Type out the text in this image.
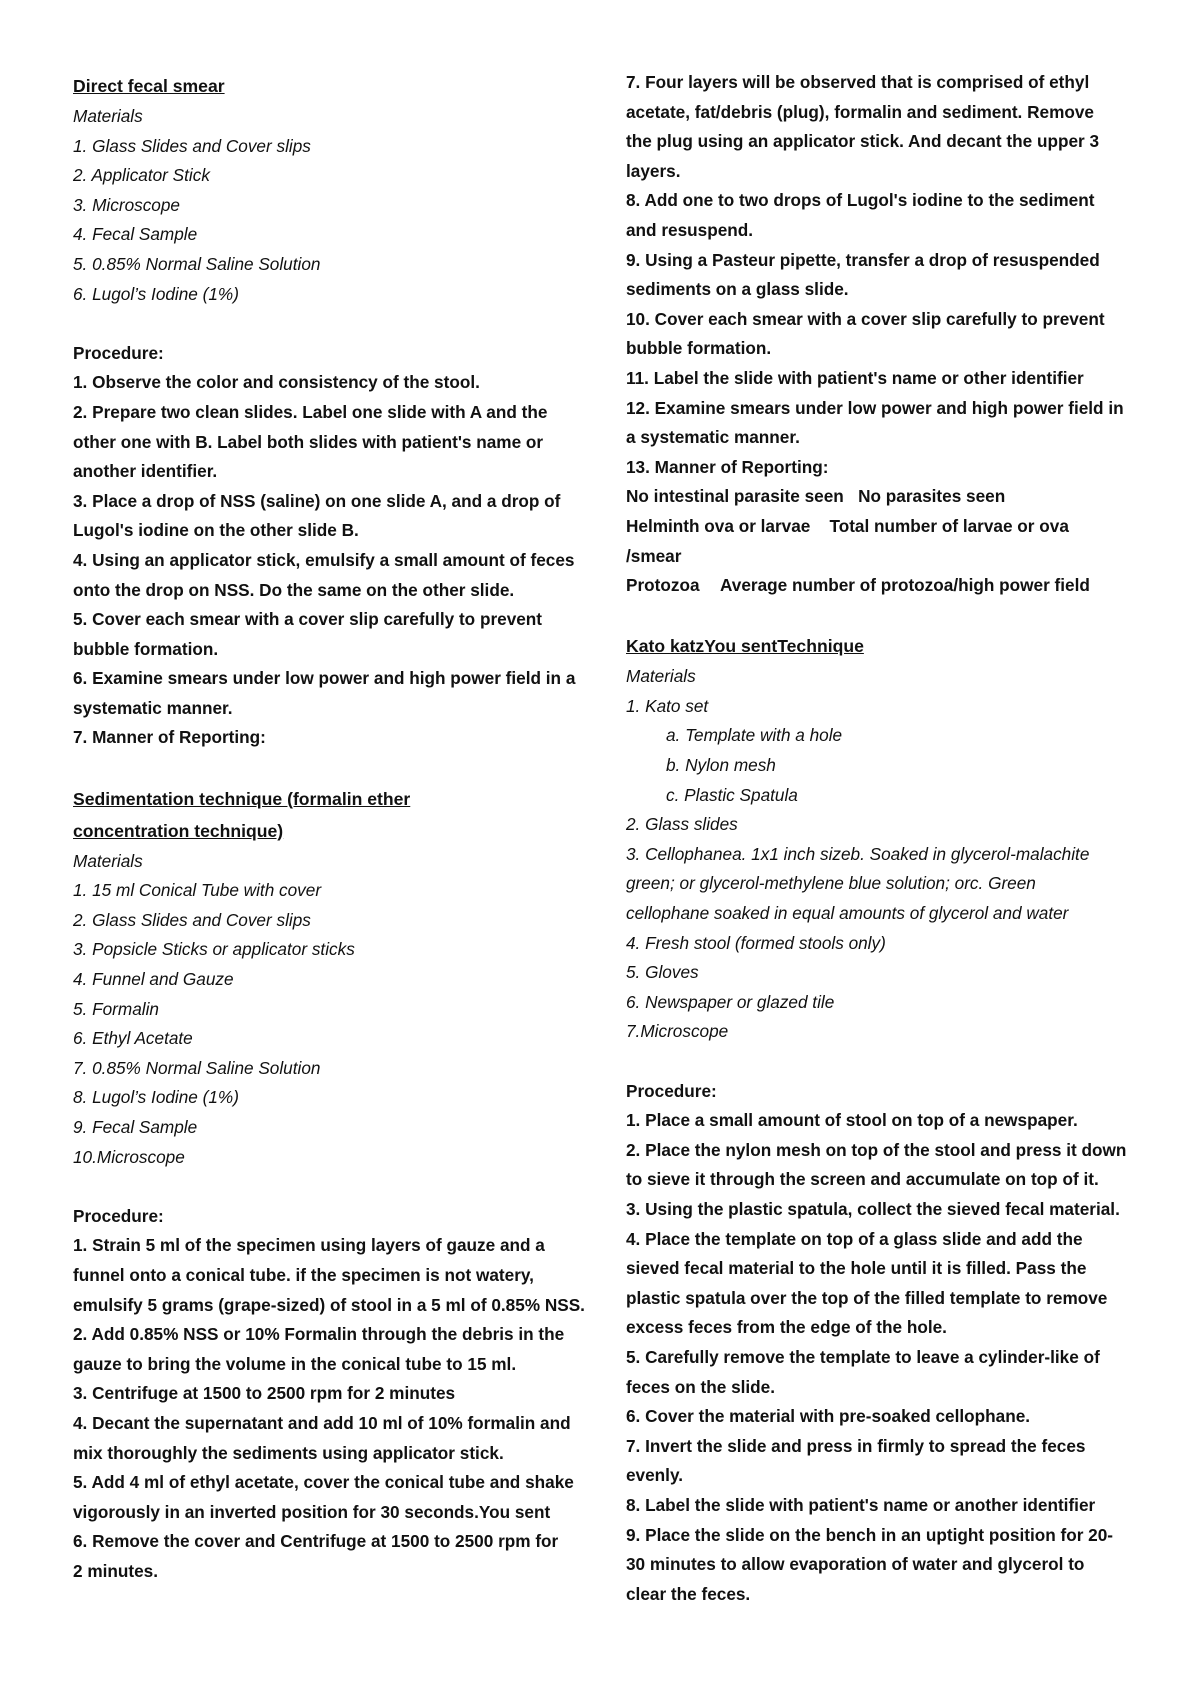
Direct fecal smear
Materials
1. Glass Slides and Cover slips
2. Applicator Stick
3. Microscope
4. Fecal Sample
5. 0.85% Normal Saline Solution
6. Lugol’s Iodine (1%)
Procedure:
1. Observe the color and consistency of the stool.
2. Prepare two clean slides. Label one slide with A and the
other one with B. Label both slides with patient's name or
another identifier.
3. Place a drop of NSS (saline) on one slide A, and a drop of
Lugol's iodine on the other slide B.
4. Using an applicator stick, emulsify a small amount of feces
onto the drop on NSS. Do the same on the other slide.
5. Cover each smear with a cover slip carefully to prevent
bubble formation.
6. Examine smears under low power and high power field in a
systematic manner.
7. Manner of Reporting:
Sedimentation technique (formalin ether
concentration technique)
Materials
1. 15 ml Conical Tube with cover
2. Glass Slides and Cover slips
3. Popsicle Sticks or applicator sticks
4. Funnel and Gauze
5. Formalin
6. Ethyl Acetate
7. 0.85% Normal Saline Solution
8. Lugol’s Iodine (1%)
9. Fecal Sample
10.Microscope
Procedure:
1. Strain 5 ml of the specimen using layers of gauze and a
funnel onto a conical tube. if the specimen is not watery,
emulsify 5 grams (grape-sized) of stool in a 5 ml of 0.85% NSS.
2. Add 0.85% NSS or 10% Formalin through the debris in the
gauze to bring the volume in the conical tube to 15 ml.
3. Centrifuge at 1500 to 2500 rpm for 2 minutes
4. Decant the supernatant and add 10 ml of 10% formalin and
mix thoroughly the sediments using applicator stick.
5. Add 4 ml of ethyl acetate, cover the conical tube and shake
vigorously in an inverted position for 30 seconds.You sent
6. Remove the cover and Centrifuge at 1500 to 2500 rpm for
2 minutes.
7. Four layers will be observed that is comprised of ethyl
acetate, fat/debris (plug), formalin and sediment. Remove
the plug using an applicator stick. And decant the upper 3
layers.
8. Add one to two drops of Lugol's iodine to the sediment
and resuspend.
9. Using a Pasteur pipette, transfer a drop of resuspended
sediments on a glass slide.
10. Cover each smear with a cover slip carefully to prevent
bubble formation.
11. Label the slide with patient's name or other identifier
12. Examine smears under low power and high power field in
a systematic manner.
13. Manner of Reporting:
No intestinal parasite seen No parasites seen
Helminth ova or larvae Total number of larvae or ova
/smear
Protozoa Average number of protozoa/high power field
Kato katzYou sentTechnique
Materials
1. Kato set
a. Template with a hole
b. Nylon mesh
c. Plastic Spatula
2. Glass slides
3. Cellophanea. 1x1 inch sizeb. Soaked in glycerol-malachite
green; or glycerol-methylene blue solution; orc. Green
cellophane soaked in equal amounts of glycerol and water
4. Fresh stool (formed stools only)
5. Gloves
6. Newspaper or glazed tile
7.Microscope
Procedure:
1. Place a small amount of stool on top of a newspaper.
2. Place the nylon mesh on top of the stool and press it down
to sieve it through the screen and accumulate on top of it.
3. Using the plastic spatula, collect the sieved fecal material.
4. Place the template on top of a glass slide and add the
sieved fecal material to the hole until it is filled. Pass the
plastic spatula over the top of the filled template to remove
excess feces from the edge of the hole.
5. Carefully remove the template to leave a cylinder-like of
feces on the slide.
6. Cover the material with pre-soaked cellophane.
7. Invert the slide and press in firmly to spread the feces
evenly.
8. Label the slide with patient's name or another identifier
9. Place the slide on the bench in an uptight position for 20-
30 minutes to allow evaporation of water and glycerol to
clear the feces.
